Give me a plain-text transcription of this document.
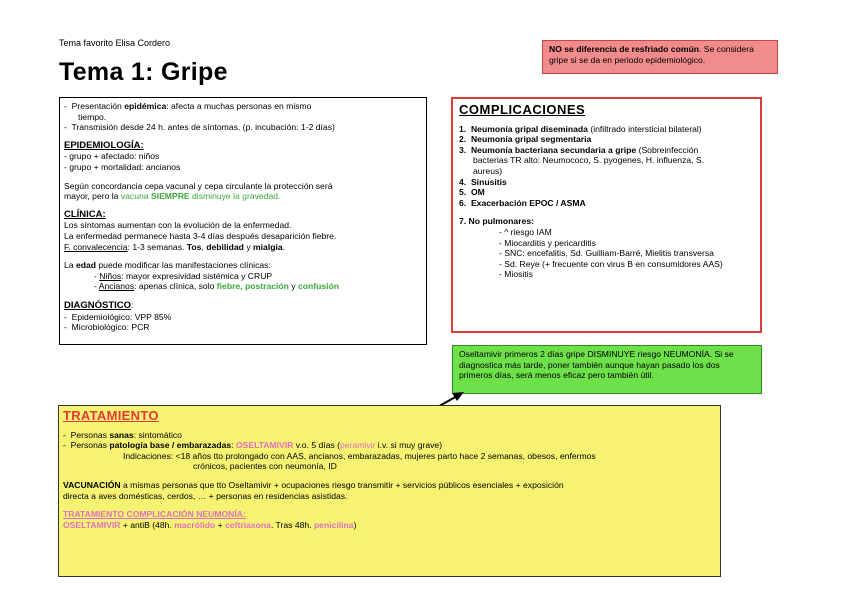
Tema favorito Elisa Cordero
Tema 1: Gripe
NO se diferencia de resfriado común. Se considera gripe si se da en periodo epidemiológico.
-  Presentación epidémica: afecta a muchas personas en mismo
tiempo.
-  Transmisión desde 24 h. antes de síntomas. (p. incubación: 1-2 días)
EPIDEMIOLOGÍA:
- grupo + afectado: niños
- grupo + mortalidad: ancianos
Según concordancia cepa vacunal y cepa circulante la protección será
mayor, pero la vacuna SIEMPRE disminuye la gravedad.
CLÍNICA:
Los síntomas aumentan con la evolución de la enfermedad.
La enfermedad permanece hasta 3-4 días después desaparición fiebre.
F. convalecencia: 1-3 semanas. Tos, debilidad y mialgia.
La edad puede modificar las manifestaciones clínicas:
- Niños: mayor expresividad sistémica y CRUP
- Ancianos: apenas clínica, solo fiebre, postración y confusión
DIAGNÓSTICO:
-  Epidemiológico: VPP 85%
-  Microbiológico: PCR
COMPLICACIONES
1.  Neumonía gripal diseminada (infiltrado intersticial bilateral)
2.  Neumonía gripal segmentaria
3.  Neumonía bacteriana secundaria a gripe (Sobreinfección
bacterias TR alto: Neumococo, S. pyogenes, H. influenza, S.
aureus)
4.  Sinusitis
5.  OM
6.  Exacerbación EPOC / ASMA
7. No pulmonares:
- ^ riesgo IAM
- Miocarditis y pericarditis
- SNC: encefalitis, Sd. Guilliam-Barré, Mielitis transversa
- Sd. Reye (+ frecuente con virus B en consumidores AAS)
- Miositis
Oseltamivir primeros 2 días gripe DISMINUYE riesgo NEUMONÍA. Si se
diagnostica más tarde, poner también aunque hayan pasado los dos
primeros días, será menos eficaz pero también útil.
TRATAMIENTO
-  Personas sanas: sintomático
-  Personas patología base / embarazadas: OSELTAMIVIR v.o. 5 días (peramivir i.v. si muy grave)
Indicaciones: <18 años tto prolongado con AAS, ancianos, embarazadas, mujeres parto hace 2 semanas, obesos, enfermos
crónicos, pacientes con neumonía, ID
VACUNACIÓN a mismas personas que tto Oseltamivir + ocupaciones riesgo transmitir + servicios públicos esenciales + exposición
directa a aves domésticas, cerdos, … + personas en residencias asistidas.
TRATAMIENTO COMPLICACIÓN NEUMONÍA:
OSELTAMIVIR + antiB (48h. macrólido + ceftriaxona. Tras 48h. penicilina)
